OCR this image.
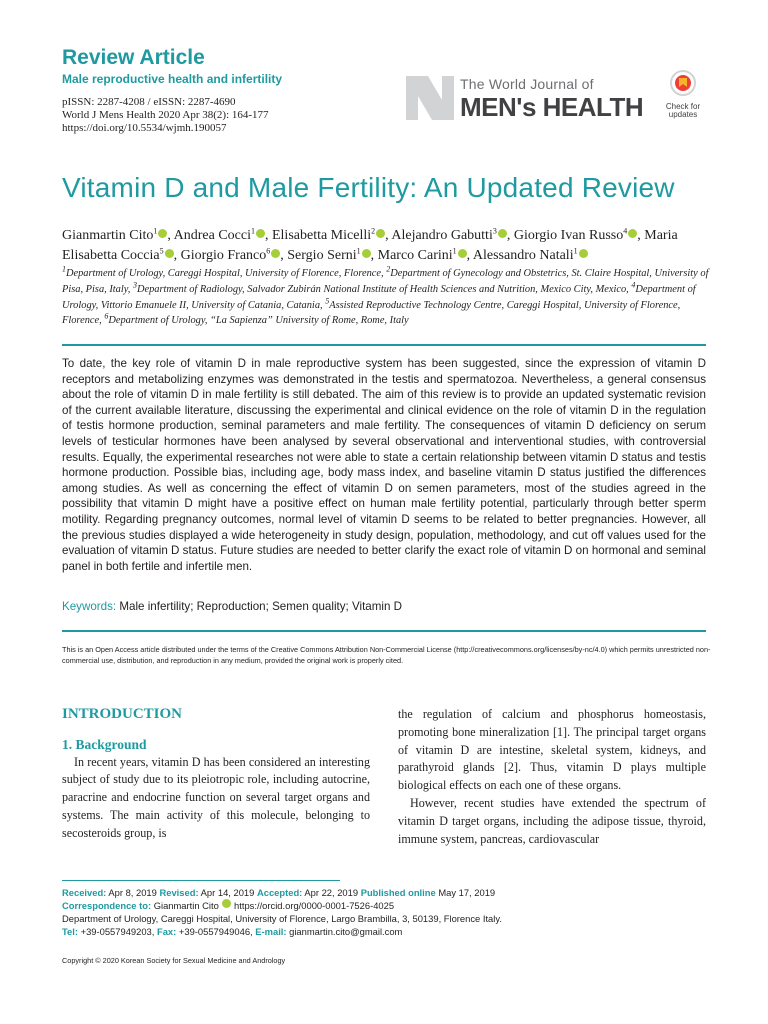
Review Article
Male reproductive health and infertility
pISSN: 2287-4208 / eISSN: 2287-4690
World J Mens Health 2020 Apr 38(2): 164-177
https://doi.org/10.5534/wjmh.190057
The World Journal of
MEN's HEALTH	Check for
updates
Vitamin D and Male Fertility: An Updated Review
Gianmartin Cito$^1$ , Andrea Cocci$^1$ , Elisabetta Micelli$^2$ , Alejandro Gabutti$^3$ , Giorgio Ivan Russo$^4$ , Maria Elisabetta Coccia$^5$ , Giorgio Franco$^6$ , Sergio Serni$^1$ , Marco Carini$^1$ , Alessandro Natali$^1$
$^1$Department of Urology, Careggi Hospital, University of Florence, Florence, $^2$Department of Gynecology and Obstetrics, St. Claire Hospital, University of Pisa, Pisa, Italy, $^3$Department of Radiology, Salvador Zubirán National Institute of Health Sciences and Nutrition, Mexico City, Mexico, $^4$Department of Urology, Vittorio Emanuele II, University of Catania, Catania, $^5$Assisted Reproductive Technology Centre, Careggi Hospital, University of Florence, Florence, $^6$Department of Urology, “La Sapienza” University of Rome, Rome, Italy
To date, the key role of vitamin D in male reproductive system has been suggested, since the expression of vitamin D receptors and metabolizing enzymes was demonstrated in the testis and spermatozoa. Nevertheless, a general consensus about the role of vitamin D in male fertility is still debated. The aim of this review is to provide an updated systematic revision of the current available literature, discussing the experimental and clinical evidence on the role of vitamin D in the regulation of testis hormone production, seminal parameters and male fertility. The consequences of vitamin D deficiency on serum levels of testicular hormones have been analysed by several observational and interventional studies, with controversial results. Equally, the experimental researches not were able to state a certain relationship between vitamin D status and testis hormone production. Possible bias, including age, body mass index, and baseline vitamin D status justified the differences among studies. As well as concerning the effect of vitamin D on semen parameters, most of the studies agreed in the possibility that vitamin D might have a positive effect on human male fertility potential, particularly through better sperm motility. Regarding pregnancy outcomes, normal level of vitamin D seems to be related to better pregnancies. However, all the previous studies displayed a wide heterogeneity in study design, population, methodology, and cut off values used for the evaluation of vitamin D status. Future studies are needed to better clarify the exact role of vitamin D on hormonal and seminal panel in both fertile and infertile men.
Keywords: Male infertility; Reproduction; Semen quality; Vitamin D
This is an Open Access article distributed under the terms of the Creative Commons Attribution Non-Commercial License (http://creativecommons.org/licenses/by-nc/4.0) which permits unrestricted non-commercial use, distribution, and reproduction in any medium, provided the original work is properly cited.
INTRODUCTION
1. Background

In recent years, vitamin D has been considered an interesting subject of study due to its pleiotropic role, including autocrine, paracrine and endocrine function on several target organs and systems. The main activity of this molecule, belonging to secosteroids group, is

the regulation of calcium and phosphorus homeostasis, promoting bone mineralization [1]. The principal target organs of vitamin D are intestine, skeletal system, kidneys, and parathyroid glands [2]. Thus, vitamin D plays multiple biological effects on each one of these organs.

However, recent studies have extended the spectrum of vitamin D target organs, including the adipose tissue, thyroid, immune system, pancreas, cardiovascular

Received: Apr 8, 2019 Revised: Apr 14, 2019 Accepted: Apr 22, 2019 Published online May 17, 2019
Correspondence to: Gianmartin Cito https://orcid.org/0000-0001-7526-4025
Department of Urology, Careggi Hospital, University of Florence, Largo Brambilla, 3, 50139, Florence Italy.
Tel: +39-0557949203, Fax: +39-0557949046, E-mail: gianmartin.cito@gmail.com
Copyright © 2020 Korean Society for Sexual Medicine and Andrology
